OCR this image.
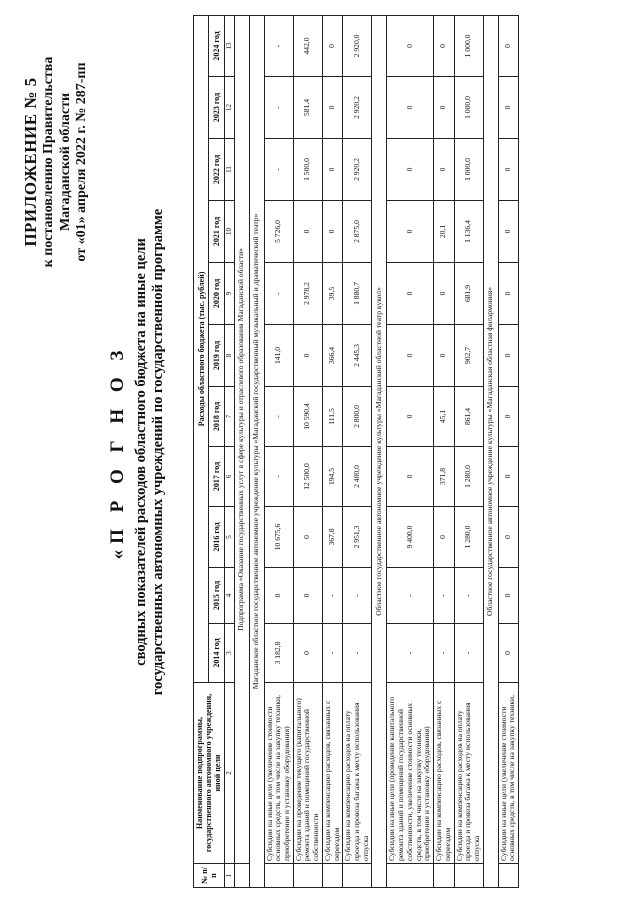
ПРИЛОЖЕНИЕ № 5 к постановлению Правительства Магаданской области от «01» апреля 2022 г. № 287-пп
«П Р О Г Н О З сводных показателей расходов областного бюджета на иные цели государственных автономных учреждений по государственной программе
№ п/п	Наименование подпрограммы, государственного автономного учреждения, иной цели	Расходы областного бюджета (тыс. рублей)										
		2014 год	2015 год	2016 год	2017 год	2018 год	2019 год	2020 год	2021 год	2022 год	2023 год	2024 год
1	2	3	4	5	6	7	8	9	10	11	12	13
	Подпрограмма «Оказание государственных услуг в сфере культуры и отраслевого образования Магаданской области»											
Магаданское областное государственное автономное учреждение культуры «Магаданский государственный музыкальный и драматический театр»												
	Субсидии на иные цели (увеличение стоимости основных средств, в том числе на закупку техники, приобретение и установку оборудования)	3 182,8	0	10 675,6	-	-	141,0	-	5 726,0	-	-	-
	Субсидии на проведение текущего (капитального) ремонта зданий и помещений государственной собственности	0	0	0	12 500,0	10 590,4	0	2 978,2	0	1 500,0	581,4	442,0
	Субсидии на компенсацию расходов, связанных с переездом	-	-	367,8	194,5	111,5	366,4	39,5	0	0	0	0
	Субсидии на компенсацию расходов на оплату проезда и провоза багажа к месту использования отпуска	-	-	2 951,3	2 400,0	2 800,0	2 445,3	1 880,7	2 875,0	2 920,2	2 920,2	2 920,0
Областное государственное автономное учреждение культуры «Магаданский областной театр кукол»												
	Субсидии на иные цели (проведение капитального ремонта зданий и помещений государственной собственности, увеличение стоимости основных средств, в том числе на закупку техники, приобретение и установку оборудования)	-	-	9 400,0	0	0	0	0	0	0	0	0
	Субсидии на компенсацию расходов, связанных с переездом	-	-	0	371,8	45,1	0	0	20,1	0	0	0
	Субсидии на компенсацию расходов на оплату проезда и провоза багажа к месту использования отпуска	-	-	1 280,0	1 280,0	861,4	902,7	681,9	1 136,4	1 000,0	1 000,0	1 000,0
Областное государственное автономное учреждение культуры «Магаданская областная филармония»												
	Субсидии на иные цели (увеличение стоимости основных средств, в том числе на закупку техники,	0	0	0	0	0	0	0	0	0	0	0
